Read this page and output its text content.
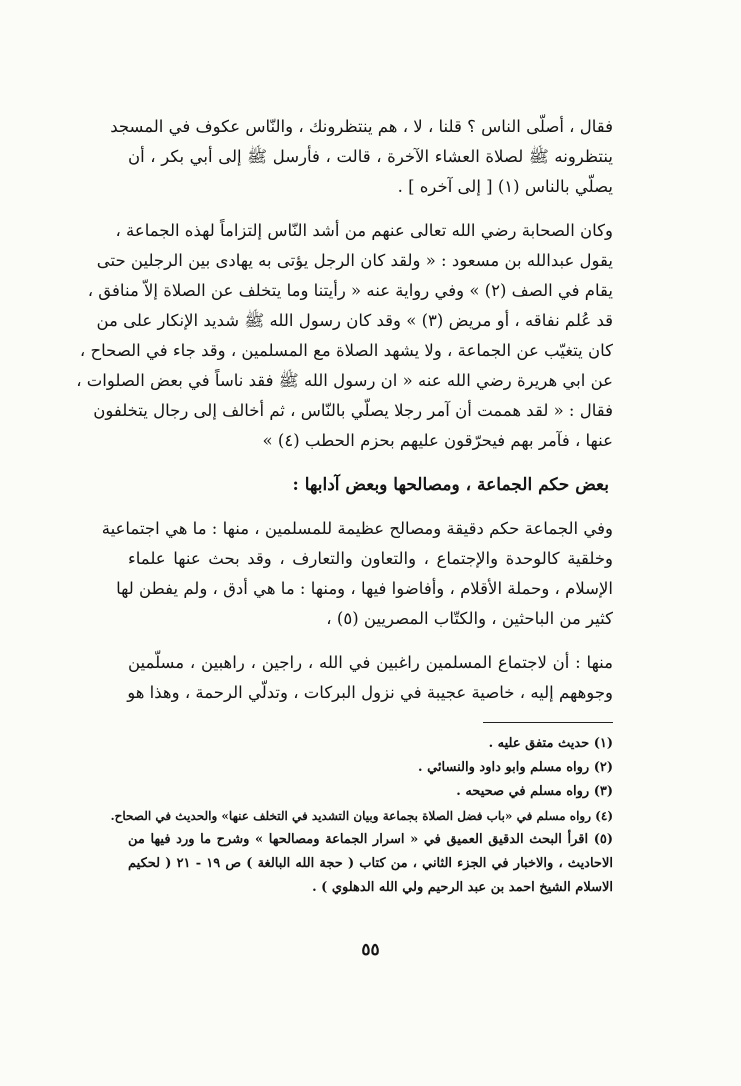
فقال ، أصلّى الناس ؟ قلنا ، لا ، هم ينتظرونك ، والنّاس عكوف في المسجد

ينتظرونه ﷺ لصلاة العشاء الآخرة ، قالت ، فأرسل ﷺ إلى أبي بكر ، أن

يصلّي بالناس (١) [ إلى آخره ] .

وكان الصحابة رضي الله تعالى عنهم من أشد النّاس إلتزاماً لهذه الجماعة ،

يقول عبدالله بن مسعود : « ولقد كان الرجل يؤتى به يهادى بين الرجلين حتى

يقام في الصف (٢) » وفي رواية عنه « رأيتنا وما يتخلف عن الصلاة إلاّ منافق ،

قد عُلم نفاقه ، أو مريض (٣) » وقد كان رسول الله ﷺ شديد الإنكار على من

كان يتغيّب عن الجماعة ، ولا يشهد الصلاة مع المسلمين ، وقد جاء في الصحاح ،

عن ابي هريرة رضي الله عنه « ان رسول الله ﷺ فقد ناساً في بعض الصلوات ،

فقال : « لقد هممت أن آمر رجلا يصلّي بالنّاس ، ثم أخالف إلى رجال يتخلفون

عنها ، فآمر بهم فيحرّقون عليهم بحزم الحطب (٤) »

بعض حكم الجماعة ، ومصالحها وبعض آدابها :

وفي الجماعة حكم دقيقة ومصالح عظيمة للمسلمين ، منها : ما هي اجتماعية

وخلقية كالوحدة والإجتماع ، والتعاون والتعارف ، وقد بحث عنها علماء

الإسلام ، وحملة الأقلام ، وأفاضوا فيها ، ومنها : ما هي أدق ، ولم يفطن لها

كثير من الباحثين ، والكتّاب المصريين (٥) ،

منها : أن لاجتماع المسلمين راغبين في الله ، راجين ، راهبين ، مسلّمين

وجوههم إليه ، خاصية عجيبة في نزول البركات ، وتدلّي الرحمة ، وهذا هو

(١) حديث متفق عليه .

(٢) رواه مسلم وابو داود والنسائي .

(٣) رواه مسلم في صحيحه .

(٤) رواه مسلم في «باب فضل الصلاة بجماعة وبيان التشديد في التخلف عنها» والحديث في الصحاح.

(٥) اقرأ البحث الدقيق العميق في « اسرار الجماعة ومصالحها » وشرح ما ورد فيها من

الاحاديث ، والاخبار في الجزء الثاني ، من كتاب ( حجة الله البالغة ) ص ١٩ - ٢١ ( لحكيم

الاسلام الشيخ احمد بن عبد الرحيم ولي الله الدهلوي ) .

٥٥
